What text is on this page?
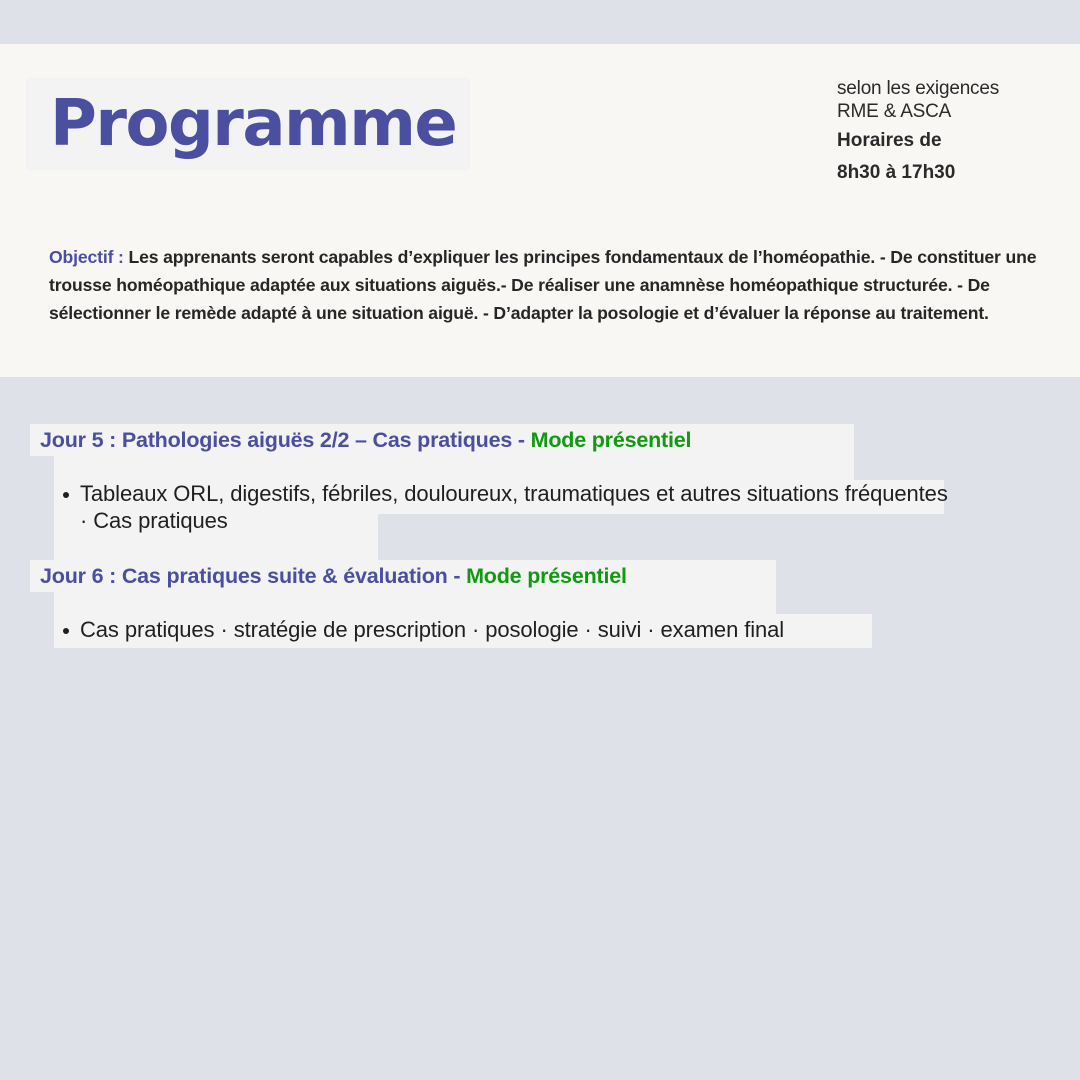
Programme	selon les exigences
RME & ASCA
Horaires de
8h30 à 17h30
Objectif : Les apprenants seront capables d’expliquer les principes fondamentaux de l’homéopathie. - De constituer une trousse homéopathique adaptée aux situations aiguës.- De réaliser une anamnèse homéopathique structurée. - De sélectionner le remède adapté à une situation aiguë. - D’adapter la posologie et d’évaluer la réponse au traitement.
Jour 5 : Pathologies aiguës 2/2 – Cas pratiques - Mode présentiel
Tableaux ORL, digestifs, fébriles, douloureux, traumatiques et autres situations fréquentes · Cas pratiques
Jour 6 : Cas pratiques suite & évaluation - Mode présentiel
Cas pratiques · stratégie de prescription · posologie · suivi · examen final
